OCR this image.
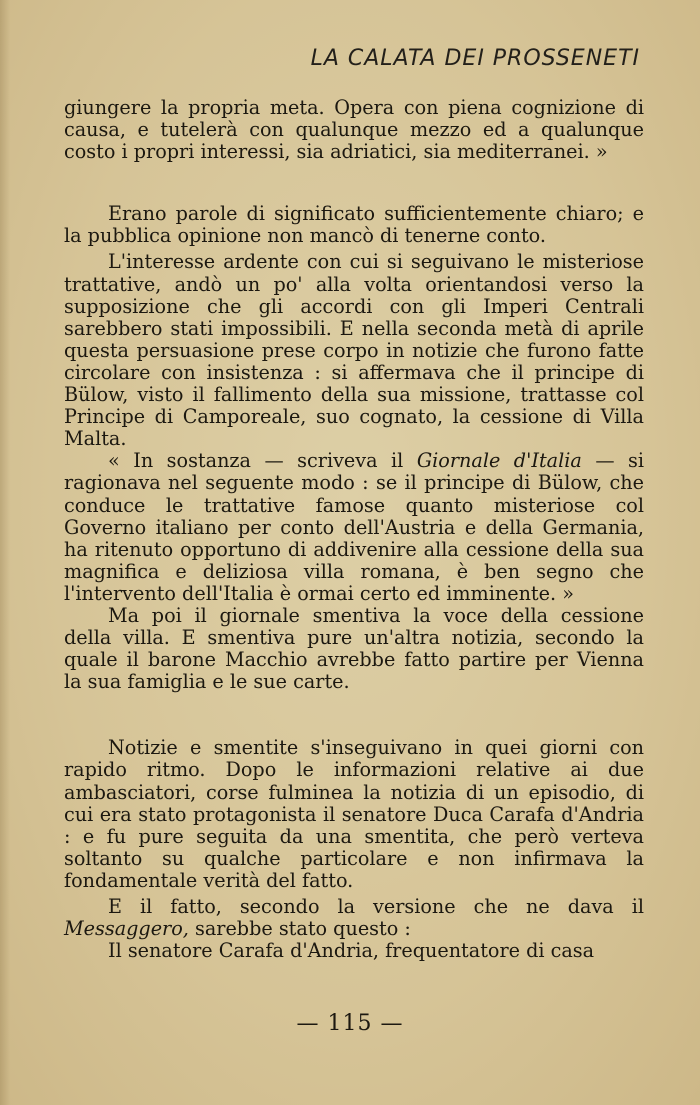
LA CALATA DEI PROSSENETI

giungere la propria meta. Opera con piena cognizione di causa, e tutelerà con qualunque mezzo ed a qualunque costo i propri interessi, sia adriatici, sia mediterranei. »

Erano parole di significato sufficientemente chiaro; e la pubblica opinione non mancò di tenerne conto.

L'interesse ardente con cui si seguivano le misteriose trattative, andò un po' alla volta orientandosi verso la supposizione che gli accordi con gli Imperi Centrali sarebbero stati impossibili. E nella seconda metà di aprile questa persuasione prese corpo in notizie che furono fatte circolare con insistenza : si affermava che il principe di Bülow, visto il fallimento della sua missione, trattasse col Principe di Camporeale, suo cognato, la cessione di Villa Malta.

« In sostanza — scriveva il Giornale d'Italia — si ragionava nel seguente modo : se il principe di Bülow, che conduce le trattative famose quanto misteriose col Governo italiano per conto dell'Austria e della Germania, ha ritenuto opportuno di addivenire alla cessione della sua magnifica e deliziosa villa romana, è ben segno che l'intervento dell'Italia è ormai certo ed imminente. »

Ma poi il giornale smentiva la voce della cessione della villa. E smentiva pure un'altra notizia, secondo la quale il barone Macchio avrebbe fatto partire per Vienna la sua famiglia e le sue carte.

Notizie e smentite s'inseguivano in quei giorni con rapido ritmo. Dopo le informazioni relative ai due ambasciatori, corse fulminea la notizia di un episodio, di cui era stato protagonista il senatore Duca Carafa d'Andria : e fu pure seguita da una smentita, che però verteva soltanto su qualche particolare e non infirmava la fondamentale verità del fatto.

E il fatto, secondo la versione che ne dava il Messaggero, sarebbe stato questo :

Il senatore Carafa d'Andria, frequentatore di casa

— 115 —
